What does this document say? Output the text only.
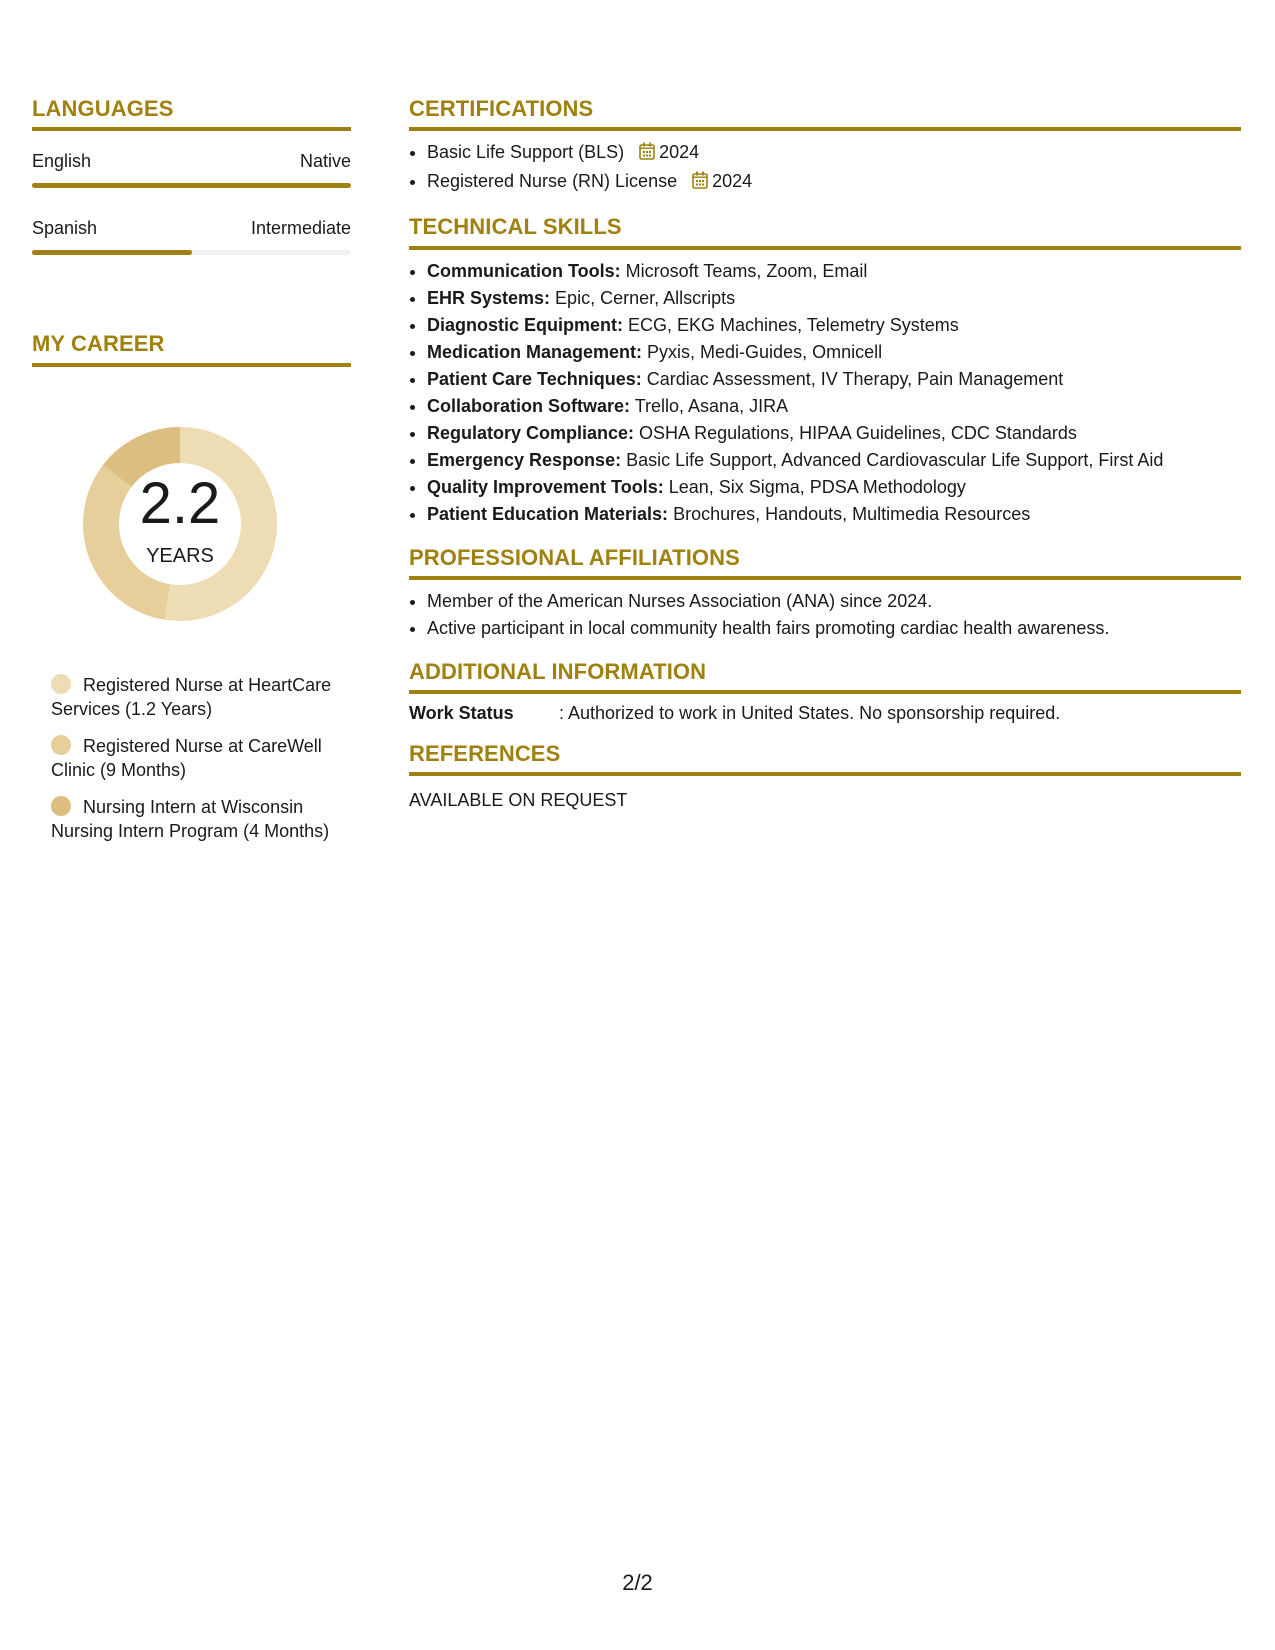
LANGUAGES
English	Native
Spanish	Intermediate
MY CAREER
2.2
YEARS
Registered Nurse at HeartCare Services (1.2 Years)
Registered Nurse at CareWell Clinic (9 Months)
Nursing Intern at Wisconsin Nursing Intern Program (4 Months)
CERTIFICATIONS
• Basic Life Support (BLS) 2024
• Registered Nurse (RN) License 2024
TECHNICAL SKILLS
• Communication Tools: Microsoft Teams, Zoom, Email
• EHR Systems: Epic, Cerner, Allscripts
• Diagnostic Equipment: ECG, EKG Machines, Telemetry Systems
• Medication Management: Pyxis, Medi-Guides, Omnicell
• Patient Care Techniques: Cardiac Assessment, IV Therapy, Pain Management
• Collaboration Software: Trello, Asana, JIRA
• Regulatory Compliance: OSHA Regulations, HIPAA Guidelines, CDC Standards
• Emergency Response: Basic Life Support, Advanced Cardiovascular Life Support, First Aid
• Quality Improvement Tools: Lean, Six Sigma, PDSA Methodology
• Patient Education Materials: Brochures, Handouts, Multimedia Resources
PROFESSIONAL AFFILIATIONS
• Member of the American Nurses Association (ANA) since 2024.
• Active participant in local community health fairs promoting cardiac health awareness.
ADDITIONAL INFORMATION
Work Status	: Authorized to work in United States. No sponsorship required.
REFERENCES
AVAILABLE ON REQUEST
2/2
